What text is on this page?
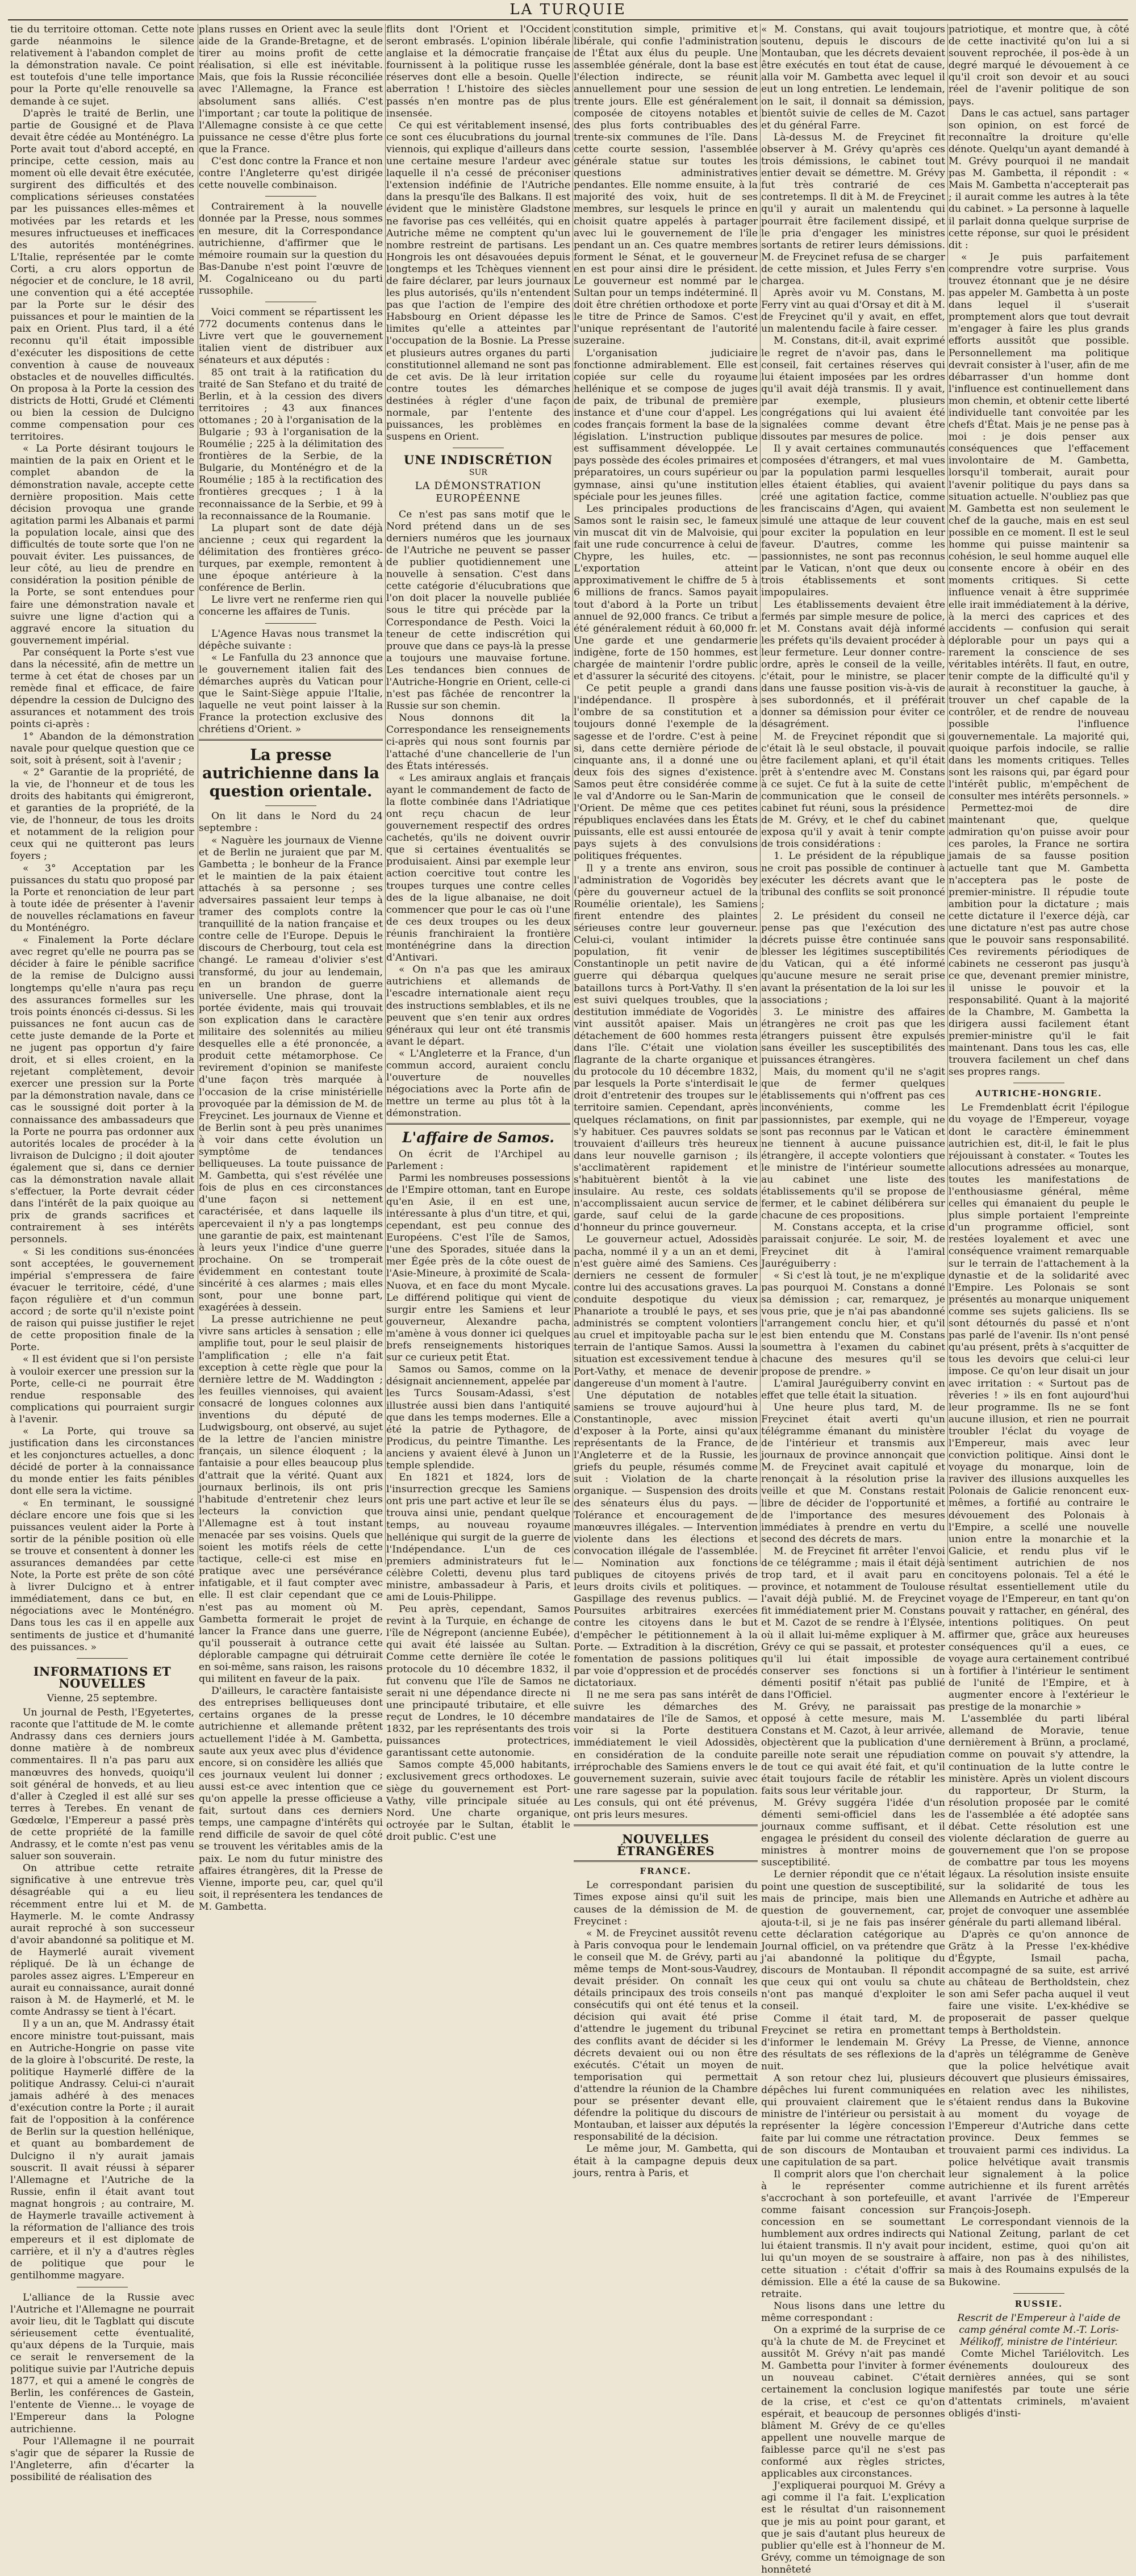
LA TURQUIE

tie du territoire ottoman. Cette note garde néanmoins le silence relativement à l'abandon complet de la démonstration navale. Ce point est toutefois d'une telle importance pour la Porte qu'elle renouvelle sa demande à ce sujet.

D'après le traité de Berlin, une partie de Gousigné et de Plava devait être cédée au Monténégro. La Porte avait tout d'abord accepté, en principe, cette cession, mais au moment où elle devait être exécutée, surgirent des difficultés et des complications sérieuses constatées par les puissances elles-mêmes et motivées par les retards et les mesures infructueuses et inefficaces des autorités monténégrines. L'Italie, représentée par le comte Corti, a cru alors opportun de négocier et de conclure, le 18 avril, une convention qui a été acceptée par la Porte sur le désir des puissances et pour le maintien de la paix en Orient. Plus tard, il a été reconnu qu'il était impossible d'exécuter les dispositions de cette convention à cause de nouveaux obstacles et de nouvelles difficultés. On proposa à la Porte la cession des districts de Hotti, Grudé et Clémenti ou bien la cession de Dulcigno comme compensation pour ces territoires.

« La Porte désirant toujours le maintien de la paix en Orient et le complet abandon de la démonstration navale, accepte cette dernière proposition. Mais cette décision provoqua une grande agitation parmi les Albanais et parmi la population locale, ainsi que des difficultés de toute sorte que l'on ne pouvait éviter. Les puissances, de leur côté, au lieu de prendre en considération la position pénible de la Porte, se sont entendues pour faire une démonstration navale et suivre une ligne d'action qui a aggravé encore la situation du gouvernement impérial.

Par conséquent la Porte s'est vue dans la nécessité, afin de mettre un terme à cet état de choses par un remède final et efficace, de faire dépendre la cession de Dulcigno des assurances et notamment des trois points ci-après :

1° Abandon de la démonstration navale pour quelque question que ce soit, soit à présent, soit à l'avenir ;

« 2° Garantie de la propriété, de la vie, de l'honneur et de tous les droits des habitants qui émigreront, et garanties de la propriété, de la vie, de l'honneur, de tous les droits et notamment de la religion pour ceux qui ne quitteront pas leurs foyers ;

« 3° Acceptation par les puissances du statu quo proposé par la Porte et renonciation de leur part à toute idée de présenter à l'avenir de nouvelles réclamations en faveur du Monténégro.

« Finalement la Porte déclare avec regret qu'elle ne pourra pas se décider à faire le pénible sacrifice de la remise de Dulcigno aussi longtemps qu'elle n'aura pas reçu des assurances formelles sur les trois points énoncés ci-dessus. Si les puissances ne font aucun cas de cette juste demande de la Porte et ne jugent pas opportun d'y faire droit, et si elles croient, en la rejetant complètement, devoir exercer une pression sur la Porte par la démonstration navale, dans ce cas le soussigné doit porter à la connaissance des ambassadeurs que la Porte ne pourra pas ordonner aux autorités locales de procéder à la livraison de Dulcigno ; il doit ajouter également que si, dans ce dernier cas la démonstration navale allait s'effectuer, la Porte devrait céder dans l'intérêt de la paix quoique au prix de grands sacrifices et contrairement à ses intérêts personnels.

« Si les conditions sus-énoncées sont acceptées, le gouvernement impérial s'empressera de faire évacuer le territoire, cédé, d'une façon régulière et d'un commun accord ; de sorte qu'il n'existe point de raison qui puisse justifier le rejet de cette proposition finale de la Porte.

« Il est évident que si l'on persiste à vouloir exercer une pression sur la Porte, celle-ci ne pourrait être rendue responsable des complications qui pourraient surgir à l'avenir.

« La Porte, qui trouve sa justification dans les circonstances et les conjonctures actuelles, a donc décidé de porter à la connaissance du monde entier les faits pénibles dont elle sera la victime.

« En terminant, le soussigné déclare encore une fois que si les puissances veulent aider la Porte à sortir de la pénible position où elle se trouve et consentent à donner les assurances demandées par cette Note, la Porte est prête de son côté à livrer Dulcigno et à entrer immédiatement, dans ce but, en négociations avec le Monténégro. Dans tous les cas il en appelle aux sentiments de justice et d'humanité des puissances. »

INFORMATIONS ET NOUVELLES
Vienne, 25 septembre.

Un journal de Pesth, l'Egyetertes, raconte que l'attitude de M. le comte Andrassy dans ces derniers jours donne matière à de nombreux commentaires. Il n'a pas paru aux manœuvres des honveds, quoiqu'il soit général de honveds, et au lieu d'aller à Czegled il est allé sur ses terres à Terebes. En venant de Gœdœlœ, l'Empereur a passé près de cette propriété de la famille Andrassy, et le comte n'est pas venu saluer son souverain.

On attribue cette retraite significative à une entrevue très désagréable qui a eu lieu récemment entre lui et M. de Haymerle. M. le comte Andrassy aurait reproché à son successeur d'avoir abandonné sa politique et M. de Haymerlé aurait vivement répliqué. De là un échange de paroles assez aigres. L'Empereur en aurait eu connaissance, aurait donné raison à M. de Haymerlé, et M. le comte Andrassy se tient à l'écart.

Il y a un an, que M. Andrassy était encore ministre tout-puissant, mais en Autriche-Hongrie on passe vite de la gloire à l'obscurité. De reste, la politique Haymerlé diffère de la politique Andrassy. Celui-ci n'aurait jamais adhéré à des menaces d'exécution contre la Porte ; il aurait fait de l'opposition à la conférence de Berlin sur la question hellénique, et quant au bombardement de Dulcigno il n'y aurait jamais souscrit. Il avait réussi à séparer l'Allemagne et l'Autriche de la Russie, enfin il était avant tout magnat hongrois ; au contraire, M. de Haymerle travaille activement à la réformation de l'alliance des trois empereurs et il est diplomate de carrière, et il n'y a d'autres règles de politique que pour le gentilhomme magyare.

L'alliance de la Russie avec l'Autriche et l'Allemagne ne pourrait avoir lieu, dit le Tagblatt qui discute sérieusement cette éventualité, qu'aux dépens de la Turquie, mais ce serait le renversement de la politique suivie par l'Autriche depuis 1877, et qui a amené le congrès de Berlin, les conférences de Gastein, l'entente de Vienne... le voyage de l'Empereur dans la Pologne autrichienne.

Pour l'Allemagne il ne pourrait s'agir que de séparer la Russie de l'Angleterre, afin d'écarter la possibilité de réalisation des

plans russes en Orient avec la seule aide de la Grande-Bretagne, et de tirer au moins profit de cette réalisation, si elle est inévitable. Mais, que fois la Russie réconciliée avec l'Allemagne, la France est absolument sans alliés. C'est l'important ; car toute la politique de l'Allemagne consiste à ce que cette puissance ne cesse d'être plus forte que la France.

C'est donc contre la France et non contre l'Angleterre qu'est dirigée cette nouvelle combinaison.

Contrairement à la nouvelle donnée par la Presse, nous sommes en mesure, dit la Correspondance autrichienne, d'affirmer que le mémoire roumain sur la question du Bas-Danube n'est point l'œuvre de M. Cogalniceano ou du parti russophile.

Voici comment se répartissent les 772 documents contenus dans le Livre vert que le gouvernement italien vient de distribuer aux sénateurs et aux députés :

85 ont trait à la ratification du traité de San Stefano et du traité de Berlin, et à la cession des divers territoires ; 43 aux finances ottomanes ; 20 à l'organisation de la Bulgarie ; 93 à l'organisation de la Roumélie ; 225 à la délimitation des frontières de la Serbie, de la Bulgarie, du Monténégro et de la Roumélie ; 185 à la rectification des frontières grecques ; 1 à la reconnaissance de la Serbie, et 99 à la reconnaissance de la Roumanie.

La plupart sont de date déjà ancienne ; ceux qui regardent la délimitation des frontières gréco-turques, par exemple, remontent à une époque antérieure à la conférence de Berlin.

Le livre vert ne renferme rien qui concerne les affaires de Tunis.

L'Agence Havas nous transmet la dépêche suivante :

« Le Fanfulla du 23 annonce que le gouvernement italien fait des démarches auprès du Vatican pour que le Saint-Siège appuie l'Italie, laquelle ne veut point laisser à la France la protection exclusive des chrétiens d'Orient. »

La presse autrichienne dans la question orientale.

On lit dans le Nord du 24 septembre :

« Naguère les journaux de Vienne et de Berlin ne juraient que par M. Gambetta ; le bonheur de la France et le maintien de la paix étaient attachés à sa personne ; ses adversaires passaient leur temps à tramer des complots contre la tranquillité de la nation française et contre celle de l'Europe. Depuis le discours de Cherbourg, tout cela est changé. Le rameau d'olivier s'est transformé, du jour au lendemain, en un brandon de guerre universelle. Une phrase, dont la portée évidente, mais qui trouvait son explication dans le caractère militaire des solennités au milieu desquelles elle a été prononcée, a produit cette métamorphose. Ce revirement d'opinion se manifeste d'une façon très marquée à l'occasion de la crise ministérielle provoquée par la démission de M. de Freycinet. Les journaux de Vienne et de Berlin sont à peu près unanimes à voir dans cette évolution un symptôme de tendances belliqueuses. La toute puissance de M. Gambetta, qui s'est révélée une fois de plus en ces circonstances d'une façon si nettement caractérisée, et dans laquelle ils apercevaient il n'y a pas longtemps une garantie de paix, est maintenant à leurs yeux l'indice d'une guerre prochaine. On se tromperait évidemment en contestant toute sincérité à ces alarmes ; mais elles sont, pour une bonne part, exagérées à dessein.

La presse autrichienne ne peut vivre sans articles à sensation ; elle amplifie tout, pour le seul plaisir de l'amplification ; elle n'a fait exception à cette règle que pour la dernière lettre de M. Waddington ; les feuilles viennoises, qui avaient consacré de longues colonnes aux inventions du député de Ludwigsbourg, ont observé, au sujet de la lettre de l'ancien ministre français, un silence éloquent ; la fantaisie a pour elles beaucoup plus d'attrait que la vérité. Quant aux journaux berlinois, ils ont pris l'habitude d'entretenir chez leurs lecteurs la conviction que l'Allemagne est à tout instant menacée par ses voisins. Quels que soient les motifs réels de cette tactique, celle-ci est mise en pratique avec une persévérance infatigable, et il faut compter avec elle. Il est clair cependant que ce n'est pas au moment où M. Gambetta formerait le projet de lancer la France dans une guerre, qu'il pousserait à outrance cette déplorable campagne qui détruirait en soi-même, sans raison, les raisons qui militent en faveur de la paix.

D'ailleurs, le caractère fantaisiste des entreprises belliqueuses dont certains organes de la presse autrichienne et allemande prêtent actuellement l'idée à M. Gambetta, saute aux yeux avec plus d'évidence encore, si on considère les alliés que ces journaux veulent lui donner ; aussi est-ce avec intention que ce qu'on appelle la presse officieuse a fait, surtout dans ces derniers temps, une campagne d'intérêts qui rend difficile de savoir de quel côté se trouvent les véritables amis de la paix. Le nom du futur ministre des affaires étrangères, dit la Presse de Vienne, importe peu, car, quel qu'il soit, il représentera les tendances de M. Gambetta.

flits dont l'Orient et l'Occident seront embrasés. L'opinion libérale anglaise et la démocratie française fournissent à la politique russe les réserves dont elle a besoin. Quelle aberration ! L'histoire des siècles passés n'en montre pas de plus insensée.

Ce qui est véritablement insensé, ce sont ces élucubrations du journal viennois, qui explique d'ailleurs dans une certaine mesure l'ardeur avec laquelle il n'a cessé de préconiser l'extension indéfinie de l'Autriche dans la presqu'île des Balkans. Il est évident que le ministère Gladstone ne favorise pas ces velléités, qui en Autriche même ne comptent qu'un nombre restreint de partisans. Les Hongrois les ont désavouées depuis longtemps et les Tchèques viennent de faire déclarer, par leurs journaux les plus autorisés, qu'ils n'entendent pas que l'action de l'empire des Habsbourg en Orient dépasse les limites qu'elle a atteintes par l'occupation de la Bosnie. La Presse et plusieurs autres organes du parti constitutionnel allemand ne sont pas de cet avis. De là leur irritation contre toutes les démarches destinées à régler d'une façon normale, par l'entente des puissances, les problèmes en suspens en Orient.

UNE INDISCRÉTION
SUR
LA DÉMONSTRATION EUROPÉENNE

Ce n'est pas sans motif que le Nord prétend dans un de ses derniers numéros que les journaux de l'Autriche ne peuvent se passer de publier quotidiennement une nouvelle à sensation. C'est dans cette catégorie d'élucubrations que l'on doit placer la nouvelle publiée sous le titre qui précède par la Correspondance de Pesth. Voici la teneur de cette indiscrétion qui prouve que dans ce pays-là la presse a toujours une mauvaise fortune. Les tendances bien connues de l'Autriche-Hongrie en Orient, celle-ci n'est pas fâchée de rencontrer la Russie sur son chemin.

Nous donnons dit la Correspondance les renseignements ci-après qui nous sont fournis par l'attaché d'une chancellerie de l'un des États intéressés.

« Les amiraux anglais et français ayant le commandement de facto de la flotte combinée dans l'Adriatique ont reçu chacun de leur gouvernement respectif des ordres cachetés, qu'ils ne doivent ouvrir que si certaines éventualités se produisaient. Ainsi par exemple leur action coercitive tout contre les troupes turques une contre celles des de la ligue albanaise, ne doit commencer que pour le cas où l'une de ces deux troupes ou les deux réunis franchiraient la frontière monténégrine dans la direction d'Antivari.

« On n'a pas que les amiraux autrichiens et allemands de l'escadre internationale aient reçu des instructions semblables, et ils ne peuvent que s'en tenir aux ordres généraux qui leur ont été transmis avant le départ.

« L'Angleterre et la France, d'un commun accord, auraient conclu l'ouverture de nouvelles négociations avec la Porte afin de mettre un terme au plus tôt à la démonstration.

L'affaire de Samos.

On écrit de l'Archipel au Parlement :

Parmi les nombreuses possessions de l'Empire ottoman, tant en Europe qu'en Asie, il en est une, intéressante à plus d'un titre, et qui, cependant, est peu connue des Européens. C'est l'île de Samos, l'une des Sporades, située dans la mer Égée près de la côte ouest de l'Asie-Mineure, à proximité de Scala-Nuova, et en face du mont Mycale. Le différend politique qui vient de surgir entre les Samiens et leur gouverneur, Alexandre pacha, m'amène à vous donner ici quelques brefs renseignements historiques sur ce curieux petit État.

Samos ou Samos, comme on la désignait anciennement, appelée par les Turcs Sousam-Adassi, s'est illustrée aussi bien dans l'antiquité que dans les temps modernes. Elle a été la patrie de Pythagore, de Prodicus, du peintre Timanthe. Les anciens y avaient élevé à Junon un temple splendide.

En 1821 et 1824, lors de l'insurrection grecque les Samiens ont pris une part active et leur île se trouva ainsi unie, pendant quelque temps, au nouveau royaume hellénique qui surgit de la guerre de l'Indépendance. L'un de ces premiers administrateurs fut le célèbre Coletti, devenu plus tard ministre, ambassadeur à Paris, et ami de Louis-Philippe.

Peu après, cependant, Samos revint à la Turquie, en échange de l'île de Négrepont (ancienne Eubée), qui avait été laissée au Sultan. Comme cette dernière île cotée le protocole du 10 décembre 1832, il fut convenu que l'île de Samos ne serait ni une dépendance directe ni une principauté tributaire, et elle reçut de Londres, le 10 décembre 1832, par les représentants des trois puissances protectrices, garantissant cette autonomie.

Samos compte 45,000 habitants, exclusivement grecs orthodoxes. Le siège du gouvernement est Port-Vathy, ville principale située au Nord. Une charte organique, octroyée par le Sultan, établit le droit public. C'est une

constitution simple, primitive et libérale, qui confie l'administration de l'État aux élus du peuple. Une assemblée générale, dont la base est l'élection indirecte, se réunit annuellement pour une session de trente jours. Elle est généralement composée de citoyens notables et des plus forts contribuables des trente-six communes de l'île. Dans cette courte session, l'assemblée générale statue sur toutes les questions administratives pendantes. Elle nomme ensuite, à la majorité des voix, huit de ses membres, sur lesquels le prince en choisit quatre appelés à partager avec lui le gouvernement de l'île pendant un an. Ces quatre membres forment le Sénat, et le gouverneur en est pour ainsi dire le président. Le gouverneur est nommé par le Sultan pour un temps indéterminé. Il doit être chrétien orthodoxe et porte le titre de Prince de Samos. C'est l'unique représentant de l'autorité suzeraine.

L'organisation judiciaire fonctionne admirablement. Elle est copiée sur celle du royaume hellénique et se compose de juges de paix, de tribunal de première instance et d'une cour d'appel. Les codes français forment la base de la législation. L'instruction publique est suffisamment développée. Le pays possède des écoles primaires et préparatoires, un cours supérieur ou gymnase, ainsi qu'une institution spéciale pour les jeunes filles.

Les principales productions de Samos sont le raisin sec, le fameux vin muscat dit vin de Malvoisie, qui fait une rude concurrence à celui de Chypre, les huiles, etc. — L'exportation atteint approximativement le chiffre de 5 à 6 millions de francs. Samos payait tout d'abord à la Porte un tribut annuel de 92,000 francs. Ce tribut a été généralement réduit à 60,000 fr. Une garde et une gendarmerie indigène, forte de 150 hommes, est chargée de maintenir l'ordre public et d'assurer la sécurité des citoyens.

Ce petit peuple a grandi dans l'indépendance. Il prospère à l'ombre de sa constitution et a toujours donné l'exemple de la sagesse et de l'ordre. C'est à peine si, dans cette dernière période de cinquante ans, il a donné une ou deux fois des signes d'existence. Samos peut être considérée comme le val d'Andorre ou le San-Marin de l'Orient. De même que ces petites républiques enclavées dans les États puissants, elle est aussi entourée de pays sujets à des convulsions politiques fréquentes.

Il y a trente ans environ, sous l'administration de Vogoridès bey (père du gouverneur actuel de la Roumélie orientale), les Samiens firent entendre des plaintes sérieuses contre leur gouverneur. Celui-ci, voulant intimider la population, fit venir de Constantinople un petit navire de guerre qui débarqua quelques bataillons turcs à Port-Vathy. Il s'en est suivi quelques troubles, que la destitution immédiate de Vogoridès vint aussitôt apaiser. Mais un détachement de 600 hommes resta dans l'île. C'était une violation flagrante de la charte organique et du protocole du 10 décembre 1832, par lesquels la Porte s'interdisait le droit d'entretenir des troupes sur le territoire samien. Cependant, après quelques réclamations, on finit par s'y habituer. Ces pauvres soldats se trouvaient d'ailleurs très heureux dans leur nouvelle garnison ; ils s'acclimatèrent rapidement et s'habituèrent bientôt à la vie insulaire. Au reste, ces soldats n'accomplissaient aucun service de garde, sauf celui de la garde d'honneur du prince gouverneur.

Le gouverneur actuel, Adossidès pacha, nommé il y a un an et demi, n'est guère aimé des Samiens. Ces derniers ne cessent de formuler contre lui des accusations graves. La conduite despotique du vieux Phanariote a troublé le pays, et ses administrés se comptent volontiers au cruel et impitoyable pacha sur le terrain de l'antique Samos. Aussi la situation est excessivement tendue à Port-Vathy, et menace de devenir dangereuse d'un moment à l'autre.

Une députation de notables samiens se trouve aujourd'hui à Constantinople, avec mission d'exposer à la Porte, ainsi qu'aux représentants de la France, de l'Angleterre et de la Russie, les griefs du peuple, résumés comme suit : Violation de la charte organique. — Suspension des droits des sénateurs élus du pays. — Tolérance et encouragement de manœuvres illégales. — Intervention violente dans les élections et convocation illégale de l'assemblée. — Nomination aux fonctions publiques de citoyens privés de leurs droits civils et politiques. — Gaspillage des revenus publics. — Poursuites arbitraires exercées contre les citoyens dans le but d'empêcher le pétitionnement à la Porte. — Extradition à la discrétion, fomentation de passions politiques par voie d'oppression et de procédés dictatoriaux.

Il ne me sera pas sans intérêt de suivre les démarches des mandataires de l'île de Samos, et voir si la Porte destituera immédiatement le vieil Adossidès, en considération de la conduite irréprochable des Samiens envers le gouvernement suzerain, suivie avec une rare sagesse par la population. Les consuls, qui ont été prévenus, ont pris leurs mesures.

NOUVELLES ÉTRANGÈRES
FRANCE.

Le correspondant parisien du Times expose ainsi qu'il suit les causes de la démission de M. de Freycinet :

« M. de Freycinet aussitôt revenu à Paris convoqua pour le lendemain le conseil que M. de Grévy, parti au même temps de Mont-sous-Vaudrey, devait présider. On connaît les détails principaux des trois conseils consécutifs qui ont été tenus et la décision qui avait été prise d'attendre le jugement du tribunal des conflits avant de décider si les décrets devaient oui ou non être exécutés. C'était un moyen de temporisation qui permettait d'attendre la réunion de la Chambre pour se présenter devant elle, défendre la politique du discours de Montauban, et laisser aux députés la responsabilité de la décision.

Le même jour, M. Gambetta, qui était à la campagne depuis deux jours, rentra à Paris, et

« M. Constans, qui avait toujours soutenu, depuis le discours de Montauban, que les décrets devaient être exécutés en tout état de cause, alla voir M. Gambetta avec lequel il eut un long entretien. Le lendemain, on le sait, il donnait sa démission, bientôt suivie de celles de M. Cazot et du général Farre.

Là-dessus M. de Freycinet fit observer à M. Grévy qu'après ces trois démissions, le cabinet tout entier devait se démettre. M. Grévy fut très contrarié de ces contretemps. Il dit à M. de Freycinet qu'il y aurait un malentendu qui pourrait être facilement dissipé, et le pria d'engager les ministres sortants de retirer leurs démissions. M. de Freycinet refusa de se charger de cette mission, et Jules Ferry s'en chargea.

Après avoir vu M. Constans, M. Ferry vint au quai d'Orsay et dit à M. de Freycinet qu'il y avait, en effet, un malentendu facile à faire cesser.

M. Constans, dit-il, avait exprimé le regret de n'avoir pas, dans le conseil, fait certaines réserves qui lui étaient imposées par les ordres qu'il avait déjà transmis. Il y avait, par exemple, plusieurs congrégations qui lui avaient été signalées comme devant être dissoutes par mesures de police.

Il y avait certaines communautés composées d'étrangers, et mal vues par la population parmi lesquelles elles étaient établies, qui avaient créé une agitation factice, comme les franciscains d'Agen, qui avaient simulé une attaque de leur couvent pour exciter la population en leur faveur. D'autres, comme les passionnistes, ne sont pas reconnus par le Vatican, n'ont que deux ou trois établissements et sont impopulaires.

Les établissements devaient être fermés par simple mesure de police, et M. Constans avait déjà informé les préfets qu'ils devaient procéder à leur fermeture. Leur donner contre-ordre, après le conseil de la veille, c'était, pour le ministre, se placer dans une fausse position vis-à-vis de ses subordonnés, et il préférait donner sa démission pour éviter ce désagrément.

M. de Freycinet répondit que si c'était là le seul obstacle, il pouvait être facilement aplani, et qu'il était prêt à s'entendre avec M. Constans à ce sujet. Ce fut à la suite de cette communication que le conseil de cabinet fut réuni, sous la présidence de M. Grévy, et le chef du cabinet exposa qu'il y avait à tenir compte de trois considérations :

1. Le président de la république ne croit pas possible de continuer à exécuter les décrets avant que le tribunal des conflits se soit prononcé ;

2. Le président du conseil ne pense pas que l'exécution des décrets puisse être continuée sans blesser les légitimes susceptibilités du Vatican, qui a été informé qu'aucune mesure ne serait prise avant la présentation de la loi sur les associations ;

3. Le ministre des affaires étrangères ne croit pas que les étrangers puissent être expulsés sans éveiller les susceptibilités des puissances étrangères.

Mais, du moment qu'il ne s'agit que de fermer quelques établissements qui n'offrent pas ces inconvénients, comme les passionnistes, par exemple, qui ne sont pas reconnus par le Vatican et ne tiennent à aucune puissance étrangère, il accepte volontiers que le ministre de l'intérieur soumette au cabinet une liste des établissements qu'il se propose de fermer, et le cabinet délibérera sur chacune de ces propositions.

M. Constans accepta, et la crise paraissait conjurée. Le soir, M. de Freycinet dit à l'amiral Jauréguiberry :

« Si c'est là tout, je ne m'explique pas pourquoi M. Constans a donné sa démission ; car, remarquez, je vous prie, que je n'ai pas abandonné l'arrangement conclu hier, et qu'il est bien entendu que M. Constans soumettra à l'examen du cabinet chacune des mesures qu'il se propose de prendre. »

L'amiral Jauréguiberry convint en effet que telle était la situation.

Une heure plus tard, M. de Freycinet était averti qu'un télégramme émanant du ministère de l'intérieur et transmis aux journaux de province annonçait que M. de Freycinet avait capitulé et renonçait à la résolution prise la veille et que M. Constans restait libre de décider de l'opportunité et de l'importance des mesures immédiates à prendre en vertu du second des décrets de mars.

M. de Freycinet fit arrêter l'envoi de ce télégramme ; mais il était déjà trop tard, et il avait paru en province, et notamment de Toulouse l'avait déjà publié. M. de Freycinet fit immédiatement prier M. Constans et M. Cazot de se rendre à l'Élysée, où il allait lui-même expliquer à M. Grévy ce qui se passait, et protester qu'il lui était impossible de conserver ses fonctions si un démenti positif n'était pas publié dans l'Officiel.

M. Grévy, ne paraissait pas opposé à cette mesure, mais M. Constans et M. Cazot, à leur arrivée, objectèrent que la publication d'une pareille note serait une répudiation de tout ce qui avait été fait, et qu'il était toujours facile de rétablir les faits sous leur véritable jour.

M. Grévy suggéra l'idée d'un démenti semi-officiel dans les journaux comme suffisant, et il engagea le président du conseil des ministres à montrer moins de susceptibilité.

Le dernier répondit que ce n'était point une question de susceptibilité, mais de principe, mais bien une question de gouvernement, car, ajouta-t-il, si je ne fais pas insérer cette déclaration catégorique au Journal officiel, on va prétendre que j'ai abandonné la politique du discours de Montauban. Il répondit que ceux qui ont voulu sa chute n'ont pas manqué d'exploiter le conseil.

Comme il était tard, M. de Freycinet se retira en promettant d'informer le lendemain M. Grévy des résultats de ses réflexions de la nuit.

A son retour chez lui, plusieurs dépêches lui furent communiquées qui prouvaient clairement que le ministre de l'intérieur ou persistait à représenter la légère concession faite par lui comme une rétractation de son discours de Montauban et une capitulation de sa part.

Il comprit alors que l'on cherchait à le représenter comme s'accrochant à son portefeuille, et comme faisant concession sur concession en se soumettant humblement aux ordres indirects qui lui étaient transmis. Il n'y avait pour lui qu'un moyen de se soustraire à cette situation : c'était d'offrir sa démission. Elle a été la cause de sa retraite.

Nous lisons dans une lettre du même correspondant :

On a exprimé de la surprise de ce qu'à la chute de M. de Freycinet et aussitôt M. Grévy n'ait pas mandé M. Gambetta pour l'inviter à former un nouveau cabinet. C'était certainement la conclusion logique de la crise, et c'est ce qu'on espérait, et beaucoup de personnes blâment M. Grévy de ce qu'elles appellent une nouvelle marque de faiblesse parce qu'il ne s'est pas conformé aux règles strictes, applicables aux circonstances.

J'expliquerai pourquoi M. Grévy a agi comme il l'a fait. L'explication est le résultat d'un raisonnement que je mis au point pour garant, et que je sais d'autant plus heureux de publier qu'elle est à l'honneur de M. Grévy, comme un témoignage de son honnêteté

patriotique, et montre que, à côté de cette inactivité qu'on lui a si souvent reprochée, il pos-ède à un degré marqué le dévouement à ce qu'il croit son devoir et au souci réel de l'avenir politique de son pays.

Dans le cas actuel, sans partager son opinion, on est forcé de reconnaître la droiture qu'elle dénote. Quelqu'un ayant demandé à M. Grévy pourquoi il ne mandait pas M. Gambetta, il répondit : « Mais M. Gambetta n'accepterait pas ; il aurait comme les autres à la tête du cabinet. » La personne à laquelle il parlait donna quelque surprise de cette réponse, sur quoi le président dit :

« Je puis parfaitement comprendre votre surprise. Vous trouvez étonnant que je ne désire pas appeler M. Gambetta à un poste dans lequel il s'userait promptement alors que tout devrait m'engager à faire les plus grands efforts aussitôt que possible. Personnellement ma politique devrait consister à l'user, afin de me débarrasser d'un homme dont l'influence est continuellement dans mon chemin, et obtenir cette liberté individuelle tant convoitée par les chefs d'État. Mais je ne pense pas à moi : je dois penser aux conséquences que l'effacement involontaire de M. Gambetta, lorsqu'il tomberait, aurait pour l'avenir politique du pays dans sa situation actuelle. N'oubliez pas que M. Gambetta est non seulement le chef de la gauche, mais en est seul possible en ce moment. Il est le seul homme qui puisse maintenir sa cohésion, le seul homme auquel elle consente encore à obéir en des moments critiques. Si cette influence venait à être supprimée elle irait immédiatement à la dérive, à la merci des caprices et des accidents — confusion qui serait déplorable pour un pays qui a rarement la conscience de ses véritables intérêts. Il faut, en outre, tenir compte de la difficulté qu'il y aurait à reconstituer la gauche, à trouver un chef capable de la contrôler, et de rendre de nouveau possible l'influence gouvernementale. La majorité qui, quoique parfois indocile, se rallie dans les moments critiques. Telles sont les raisons qui, par égard pour l'intérêt public, m'empêchent de consulter mes intérêts personnels. »

Permettez-moi de dire maintenant que, quelque admiration qu'on puisse avoir pour ces paroles, la France ne sortira jamais de sa fausse position actuelle tant que M. Gambetta n'acceptera pas le poste de premier-ministre. Il répudie toute ambition pour la dictature ; mais cette dictature il l'exerce déjà, car une dictature n'est pas autre chose que le pouvoir sans responsabilité. Ces revirements périodiques de cabinets ne cesseront pas jusqu'à ce que, devenant premier ministre, il unisse le pouvoir et la responsabilité. Quant à la majorité de la Chambre, M. Gambetta la dirigera aussi facilement étant premier-ministre qu'il le fait maintenant. Dans tous les cas, elle trouvera facilement un chef dans ses propres rangs.

AUTRICHE-HONGRIE.

Le Fremdenblatt écrit l'épilogue du voyage de l'Empereur, voyage dont le caractère éminemment autrichien est, dit-il, le fait le plus réjouissant à constater. « Toutes les allocutions adressées au monarque, toutes les manifestations de l'enthousiasme général, même celles qui émanaient du peuple le plus simple portaient l'empreinte d'un programme officiel, sont restées loyalement et avec une conséquence vraiment remarquable sur le terrain de l'attachement à la dynastie et de la solidarité avec l'Empire. Les Polonais se sont présentés au monarque uniquement comme ses sujets galiciens. Ils se sont détournés du passé et n'ont pas parlé de l'avenir. Ils n'ont pensé qu'au présent, prêts à s'acquitter de tous les devoirs que celui-ci leur impose. Ce qu'on leur disait un jour avec irritation : « Surtout pas de rêveries ! » ils en font aujourd'hui leur programme. Ils ne se font aucune illusion, et rien ne pourrait troubler l'éclat du voyage de l'Empereur, mais avec leur conviction politique. Ainsi dont le voyage du monarque, loin de raviver des illusions auxquelles les Polonais de Galicie renoncent eux-mêmes, a fortifié au contraire le dévouement des Polonais à l'Empire, a scellé une nouvelle union entre la monarchie et la Galicie, et rendu plus vif le sentiment autrichien de nos concitoyens polonais. Tel a été le résultat essentiellement utile du voyage de l'Empereur, en tant qu'on pouvait y rattacher, en général, des intentions politiques. On peut affirmer que, grâce aux heureuses conséquences qu'il a eues, ce voyage aura certainement contribué à fortifier à l'intérieur le sentiment de l'unité de l'Empire, et à augmenter encore à l'extérieur le prestige de la monarchie »

L'assemblée du parti libéral allemand de Moravie, tenue dernièrement à Brünn, a proclamé, comme on pouvait s'y attendre, la continuation de la lutte contre le ministère. Après un violent discours du rapporteur, Dr Sturm, la résolution proposée par le comité de l'assemblée a été adoptée sans débat. Cette résolution est une violente déclaration de guerre au gouvernement que l'on se propose de combattre par tous les moyens légaux. La résolution insiste ensuite sur la solidarité de tous les Allemands en Autriche et adhère au projet de convoquer une assemblée générale du parti allemand libéral.

D'après ce qu'on annonce de Grätz à la Presse l'ex-khédive d'Égypte, Ismail pacha, accompagné de sa suite, est arrivé au château de Bertholdstein, chez son ami Sefer pacha auquel il veut faire une visite. L'ex-khédive se proposerait de passer quelque temps à Bertholdstein.

La Presse, de Vienne, annonce d'après un télégramme de Genève que la police helvétique avait découvert que plusieurs émissaires, en relation avec les nihilistes, s'étaient rendus dans la Bukovine au moment du voyage de l'Empereur d'Autriche dans cette province. Deux femmes se trouvaient parmi ces individus. La police helvétique avait transmis leur signalement à la police autrichienne et ils furent arrêtés avant l'arrivée de l'Empereur François-Joseph.

Le correspondant viennois de la National Zeitung, parlant de cet incident, estime, quoi qu'on ait affaire, non pas à des nihilistes, mais à des Roumains expulsés de la Bukowine.

RUSSIE.

Rescrit de l'Empereur à l'aide de camp général comte M.-T. Loris-Mélikoff, ministre de l'intérieur.

Comte Michel Tariélovitch. Les événements douloureux des dernières années, qui se sont manifestés par toute une série d'attentats criminels, m'avaient obligés d'insti-
